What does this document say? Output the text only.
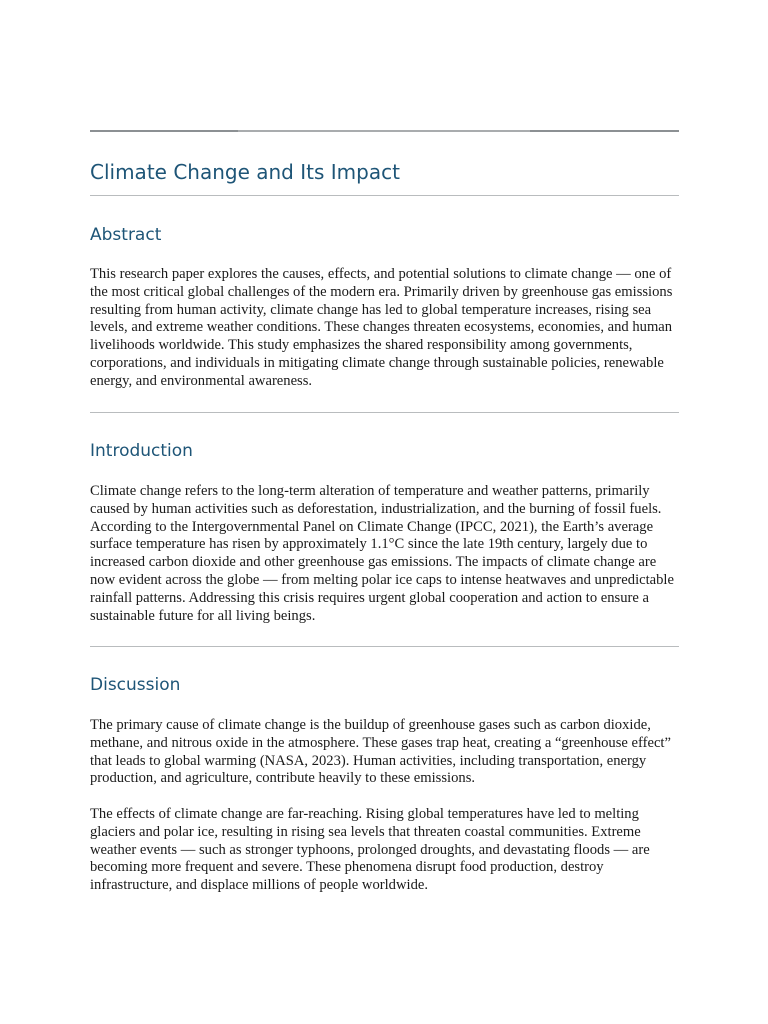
Climate Change and Its Impact
Abstract

This research paper explores the causes, effects, and potential solutions to climate change — one of the most critical global challenges of the modern era. Primarily driven by greenhouse gas emissions resulting from human activity, climate change has led to global temperature increases, rising sea levels, and extreme weather conditions. These changes threaten ecosystems, economies, and human livelihoods worldwide. This study emphasizes the shared responsibility among governments, corporations, and individuals in mitigating climate change through sustainable policies, renewable energy, and environmental awareness.

Introduction

Climate change refers to the long-term alteration of temperature and weather patterns, primarily caused by human activities such as deforestation, industrialization, and the burning of fossil fuels. According to the Intergovernmental Panel on Climate Change (IPCC, 2021), the Earth’s average surface temperature has risen by approximately 1.1°C since the late 19th century, largely due to increased carbon dioxide and other greenhouse gas emissions. The impacts of climate change are now evident across the globe — from melting polar ice caps to intense heatwaves and unpredictable rainfall patterns. Addressing this crisis requires urgent global cooperation and action to ensure a sustainable future for all living beings.

Discussion

The primary cause of climate change is the buildup of greenhouse gases such as carbon dioxide, methane, and nitrous oxide in the atmosphere. These gases trap heat, creating a “greenhouse effect” that leads to global warming (NASA, 2023). Human activities, including transportation, energy production, and agriculture, contribute heavily to these emissions.

The effects of climate change are far-reaching. Rising global temperatures have led to melting glaciers and polar ice, resulting in rising sea levels that threaten coastal communities. Extreme weather events — such as stronger typhoons, prolonged droughts, and devastating floods — are becoming more frequent and severe. These phenomena disrupt food production, destroy infrastructure, and displace millions of people worldwide.
